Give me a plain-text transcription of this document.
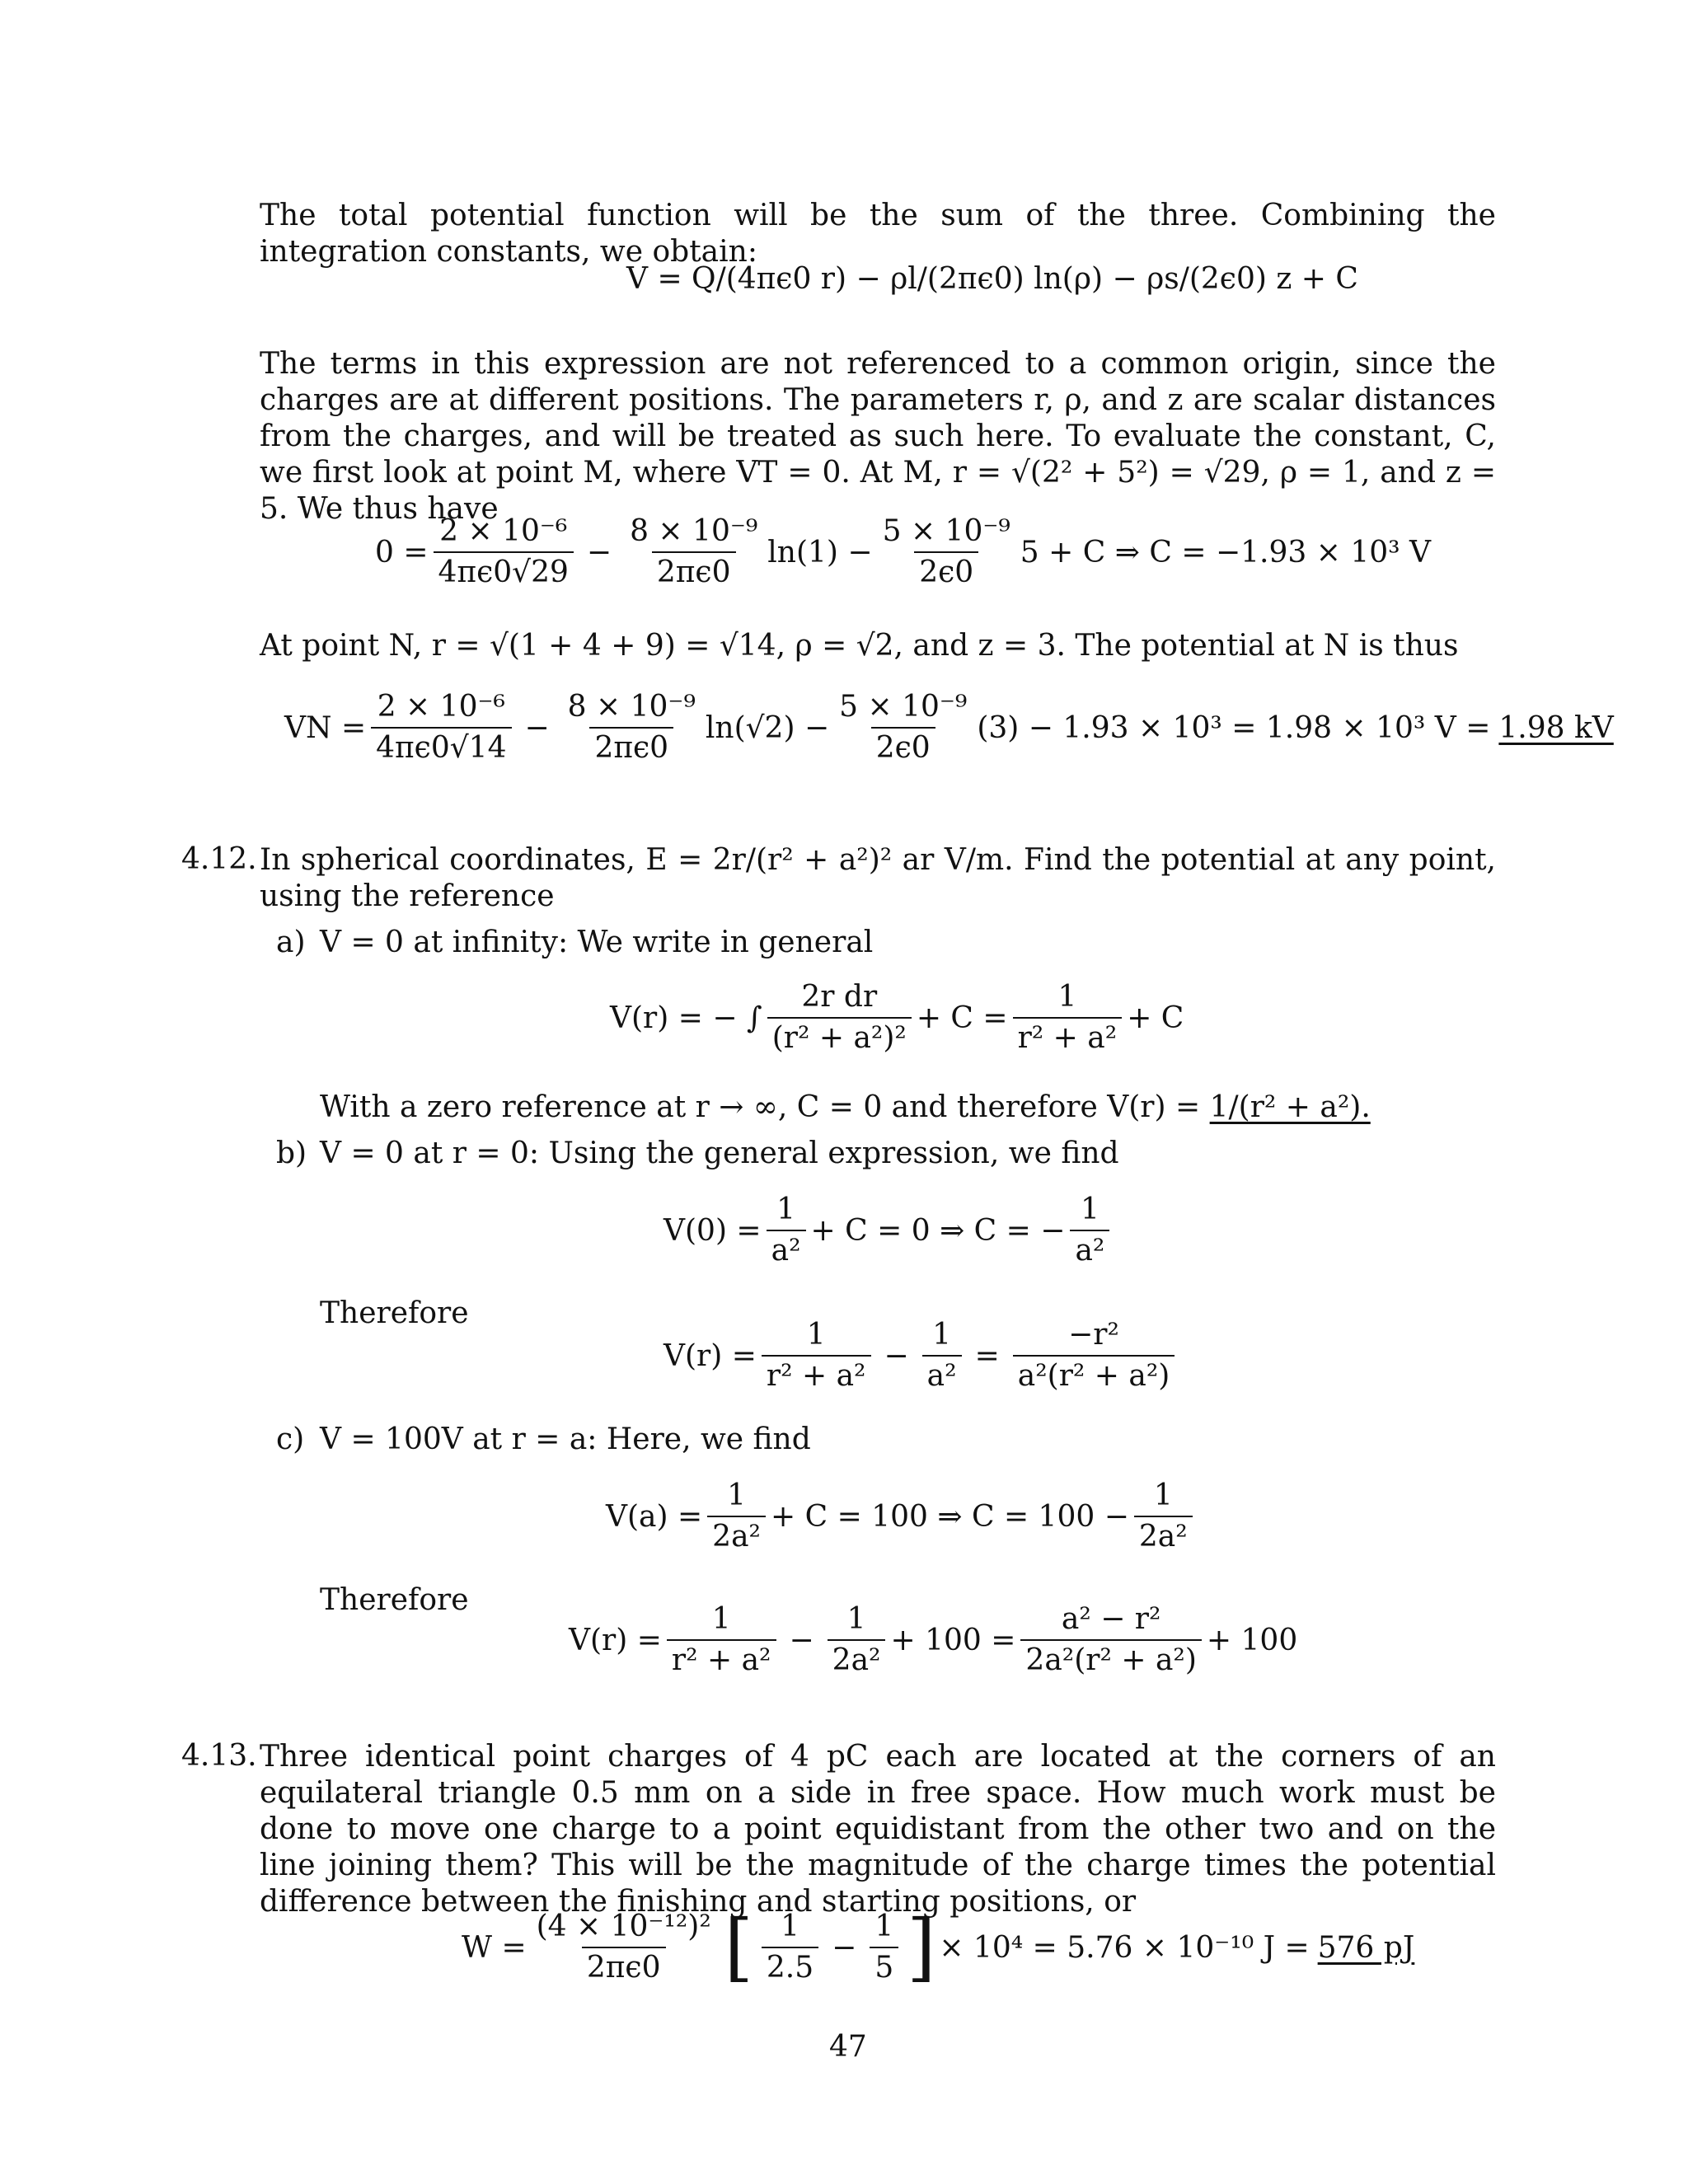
The total potential function will be the sum of the three. Combining the integration constants, we obtain:
V = Q/(4πϵ0 r) − ρl/(2πϵ0) ln(ρ) − ρs/(2ϵ0) z + C
The terms in this expression are not referenced to a common origin, since the charges are at different positions. The parameters r, ρ, and z are scalar distances from the charges, and will be treated as such here. To evaluate the constant, C, we first look at point M, where VT = 0. At M, r = √(2² + 5²) = √29, ρ = 1, and z = 5. We thus have
$0 = \frac{\text{2 × 10⁻⁶}}{4\pi\epsilon 0√29} - \frac{\text{8 × 10⁻⁹}}{2\pi\epsilon 0} \ln(1) - \frac{\text{5 × 10⁻⁹}}{2\epsilon 0} 5 + C$ ⇒ C = −1.93 × 10³ V
At point N, r = √(1 + 4 + 9) = √14, ρ = √2, and z = 3. The potential at N is thus
VN = $\frac{\text{2 × 10⁻⁶}}{4\pi\epsilon 0√14} - \frac{\text{8 × 10⁻⁹}}{2\pi\epsilon 0} \ln(√2) - \frac{\text{5 × 10⁻⁹}}{2\epsilon 0} (3) - 1.93 \times 10^3 = 1.98 \times 10^3$ V = 1.98 kV
4.12. In spherical coordinates, E = 2r/(r² + a²)² ar V/m. Find the potential at any point, using the reference
a) V = 0 at infinity: We write in general
V(r) = − ∫ $\frac{\text{2r dr}}{\text{(r² + a²)²}} + C = \frac{1}{\text{r² + a²}} + C$
With a zero reference at r → ∞, C = 0 and therefore V(r) = 1/(r² + a²).
b) V = 0 at r = 0: Using the general expression, we find
$V(0) = \frac{1}{\text{a²}} + C = 0$ ⇒ C = − $\frac{1}{\text{a²}}$
Therefore
$V(r) = \frac{1}{\text{r² + a²}} - \frac{1}{\text{a²}} = \frac{\text{−r²}}{\text{a²(r² + a²)}}$
c) V = 100V at r = a: Here, we find
$V(a) = \frac{1}{\text{2a²}} + C = 100$ ⇒ $C = 100 - \frac{1}{\text{2a²}}$
Therefore
$V(r) = \frac{1}{\text{r² + a²}} - \frac{1}{\text{2a²}} + 100 = \frac{\text{a² − r²}}{\text{2a²(r² + a²)}} + 100$
4.13. Three identical point charges of 4 pC each are located at the corners of an equilateral triangle 0.5 mm on a side in free space. How much work must be done to move one charge to a point equidistant from the other two and on the line joining them? This will be the magnitude of the charge times the potential difference between the finishing and starting positions, or
$W = \frac{\text{(4 × 10⁻¹²)²}}{2\pi\epsilon 0}$ [ $\frac{1}{2.5} - \frac{1}{5}$ ] × 10⁴ = 5.76 × 10⁻¹⁰ J = 576 pJ
47
